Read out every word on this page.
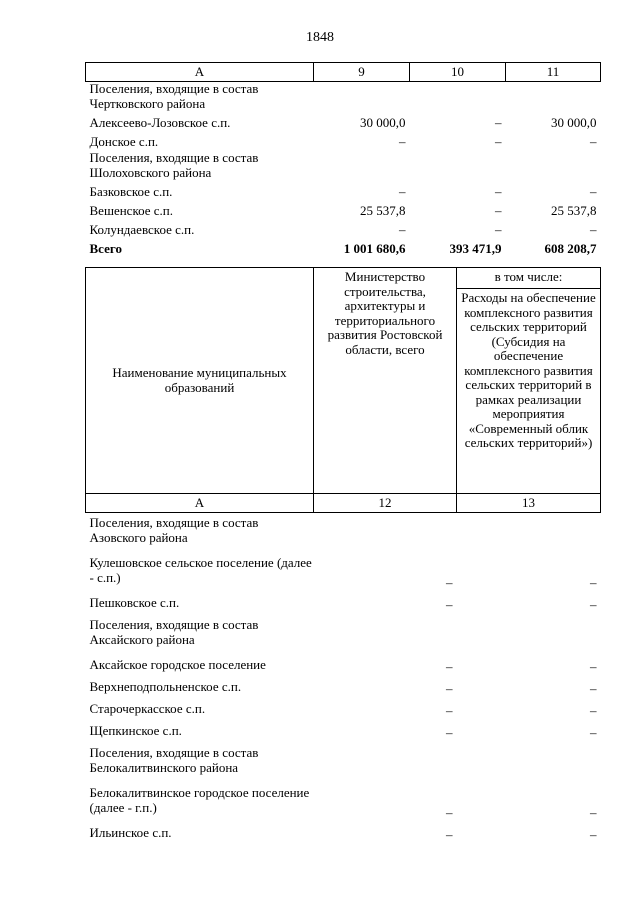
1848
А	9	10	11
Поселения, входящие в состав Чертковского района			
Алексеево-Лозовское с.п.	30 000,0	–	30 000,0
Донское с.п.	–	–	–
Поселения, входящие в состав Шолоховского района			
Базковское с.п.	–	–	–
Вешенское с.п.	25 537,8	–	25 537,8
Колундаевское с.п.	–	–	–
Всего	1 001 680,6	393 471,9	608 208,7
Наименование муниципальных образований	Министерство строительства, архитектуры и территориального развития Ростовской области, всего	в том числе:
		Расходы на обеспечение комплексного развития сельских территорий (Субсидия на обеспечение комплексного развития сельских территорий в рамках реализации мероприятия «Современный облик сельских территорий»)
А	12	13
Поселения, входящие в состав Азовского района		
Кулешовское сельское поселение (далее - с.п.)	–	–
Пешковское с.п.	–	–
Поселения, входящие в состав Аксайского района		
Аксайское городское поселение	–	–
Верхнеподпольненское с.п.	–	–
Старочеркасское с.п.	–	–
Щепкинское с.п.	–	–
Поселения, входящие в состав Белокалитвинского района		
Белокалитвинское городское поселение (далее - г.п.)	–	–
Ильинское с.п.	–	–
